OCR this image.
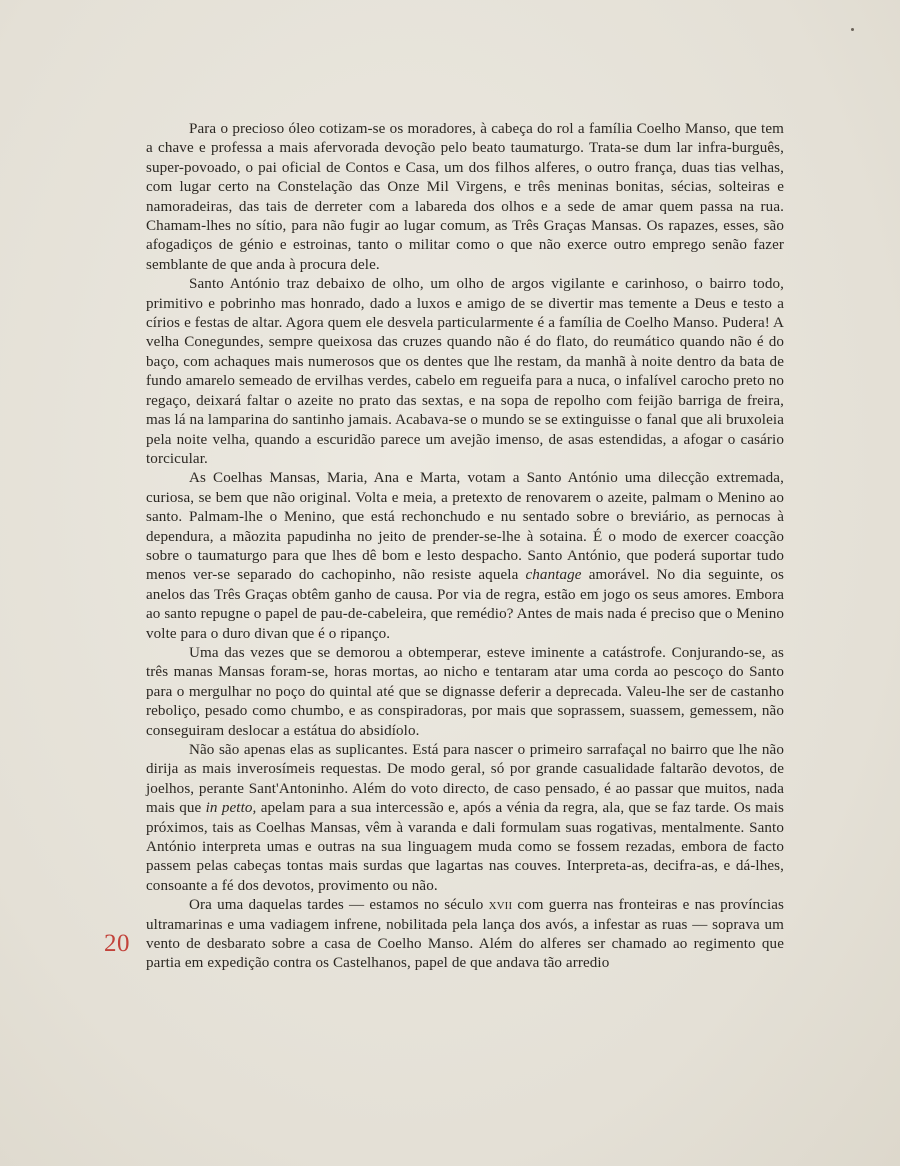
Para o precioso óleo cotizam-se os moradores, à cabeça do rol a família Coelho Manso, que tem a chave e professa a mais afervorada devoção pelo beato taumaturgo. Trata-se dum lar infra-burguês, super-povoado, o pai oficial de Contos e Casa, um dos filhos alferes, o outro frança, duas tias velhas, com lugar certo na Constelação das Onze Mil Virgens, e três meninas bonitas, sécias, solteiras e namoradeiras, das tais de derreter com a labareda dos olhos e a sede de amar quem passa na rua. Chamam-lhes no sítio, para não fugir ao lugar comum, as Três Graças Mansas. Os rapazes, esses, são afogadiços de génio e estroinas, tanto o militar como o que não exerce outro emprego senão fazer semblante de que anda à procura dele.

Santo António traz debaixo de olho, um olho de argos vigilante e carinhoso, o bairro todo, primitivo e pobrinho mas honrado, dado a luxos e amigo de se divertir mas temente a Deus e testo a círios e festas de altar. Agora quem ele desvela particularmente é a família de Coelho Manso. Pudera! A velha Conegundes, sempre queixosa das cruzes quando não é do flato, do reumático quando não é do baço, com achaques mais numerosos que os dentes que lhe restam, da manhã à noite dentro da bata de fundo amarelo semeado de ervilhas verdes, cabelo em regueifa para a nuca, o infalível carocho preto no regaço, deixará faltar o azeite no prato das sextas, e na sopa de repolho com feijão barriga de freira, mas lá na lamparina do santinho jamais. Acabava-se o mundo se se extinguisse o fanal que ali bruxoleia pela noite velha, quando a escuridão parece um avejão imenso, de asas estendidas, a afogar o casário torcicular.

As Coelhas Mansas, Maria, Ana e Marta, votam a Santo António uma dilecção extremada, curiosa, se bem que não original. Volta e meia, a pretexto de renovarem o azeite, palmam o Menino ao santo. Palmam-lhe o Menino, que está rechonchudo e nu sentado sobre o breviário, as pernocas à dependura, a mãozita papudinha no jeito de prender-se-lhe à sotaina. É o modo de exercer coacção sobre o taumaturgo para que lhes dê bom e lesto despacho. Santo António, que poderá suportar tudo menos ver-se separado do cachopinho, não resiste aquela chantage amorável. No dia seguinte, os anelos das Três Graças obtêm ganho de causa. Por via de regra, estão em jogo os seus amores. Embora ao santo repugne o papel de pau-de-cabeleira, que remédio? Antes de mais nada é preciso que o Menino volte para o duro divan que é o ripanço.

Uma das vezes que se demorou a obtemperar, esteve iminente a catástrofe. Conjurando-se, as três manas Mansas foram-se, horas mortas, ao nicho e tentaram atar uma corda ao pescoço do Santo para o mergulhar no poço do quintal até que se dignasse deferir a deprecada. Valeu-lhe ser de castanho reboliço, pesado como chumbo, e as conspiradoras, por mais que soprassem, suassem, gemessem, não conseguiram deslocar a estátua do absidíolo.

Não são apenas elas as suplicantes. Está para nascer o primeiro sarrafaçal no bairro que lhe não dirija as mais inverosímeis requestas. De modo geral, só por grande casualidade faltarão devotos, de joelhos, perante Sant'Antoninho. Além do voto directo, de caso pensado, é ao passar que muitos, nada mais que in petto, apelam para a sua intercessão e, após a vénia da regra, ala, que se faz tarde. Os mais próximos, tais as Coelhas Mansas, vêm à varanda e dali formulam suas rogativas, mentalmente. Santo António interpreta umas e outras na sua linguagem muda como se fossem rezadas, embora de facto passem pelas cabeças tontas mais surdas que lagartas nas couves. Interpreta-as, decifra-as, e dá-lhes, consoante a fé dos devotos, provimento ou não.

Ora uma daquelas tardes — estamos no século xvii com guerra nas fronteiras e nas províncias ultramarinas e uma vadiagem infrene, nobilitada pela lança dos avós, a infestar as ruas — soprava um vento de desbarato sobre a casa de Coelho Manso. Além do alferes ser chamado ao regimento que partia em expedição contra os Castelhanos, papel de que andava tão arredio

20
